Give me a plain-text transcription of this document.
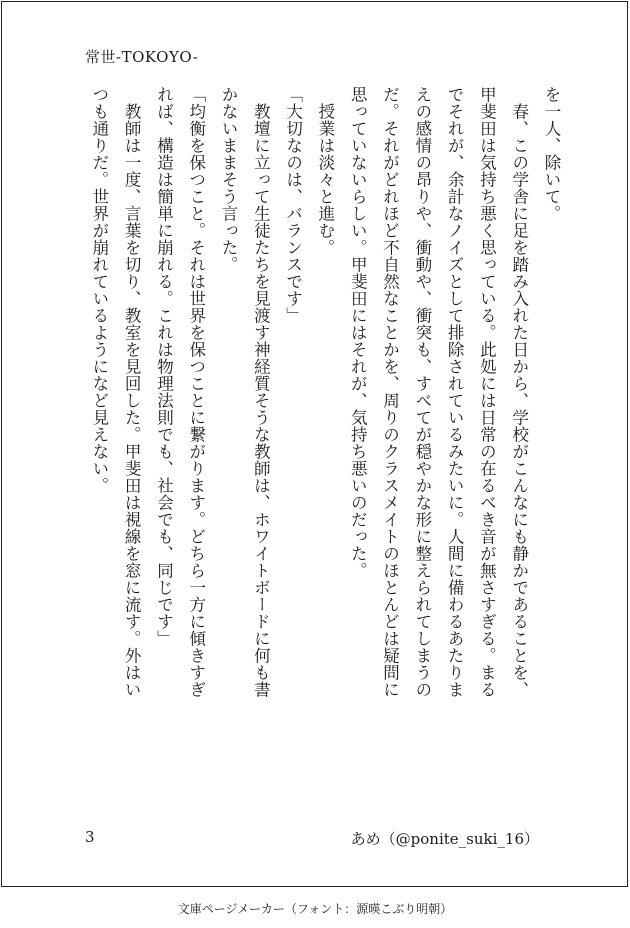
常世-TOKOYO-

を一人、除いて。

　春、この学舎に足を踏み入れた日から、学校がこんなにも静かであることを、

甲斐田は気持ち悪く思っている。此処には日常の在るべき音が無さすぎる。まる

でそれが、余計なノイズとして排除されているみたいに。人間に備わるあたりま

えの感情の昂りや、衝動や、衝突も、すべてが穏やかな形に整えられてしまうの

だ。それがどれほど不自然なことかを、周りのクラスメイトのほとんどは疑問に

思っていないらしい。甲斐田にはそれが、気持ち悪いのだった。

　授業は淡々と進む。

「大切なのは、バランスです」

　教壇に立って生徒たちを見渡す神経質そうな教師は、ホワイトボードに何も書

かないままそう言った。

「均衡を保つこと。それは世界を保つことに繋がります。どちら一方に傾きすぎ

れば、構造は簡単に崩れる。これは物理法則でも、社会でも、同じです」

　教師は一度、言葉を切り、教室を見回した。甲斐田は視線を窓に流す。外はい

つも通りだ。世界が崩れているようになど見えない。

3	あめ（@ponite_suki_16）
文庫ページメーカー（フォント：源暎こぶり明朝）
